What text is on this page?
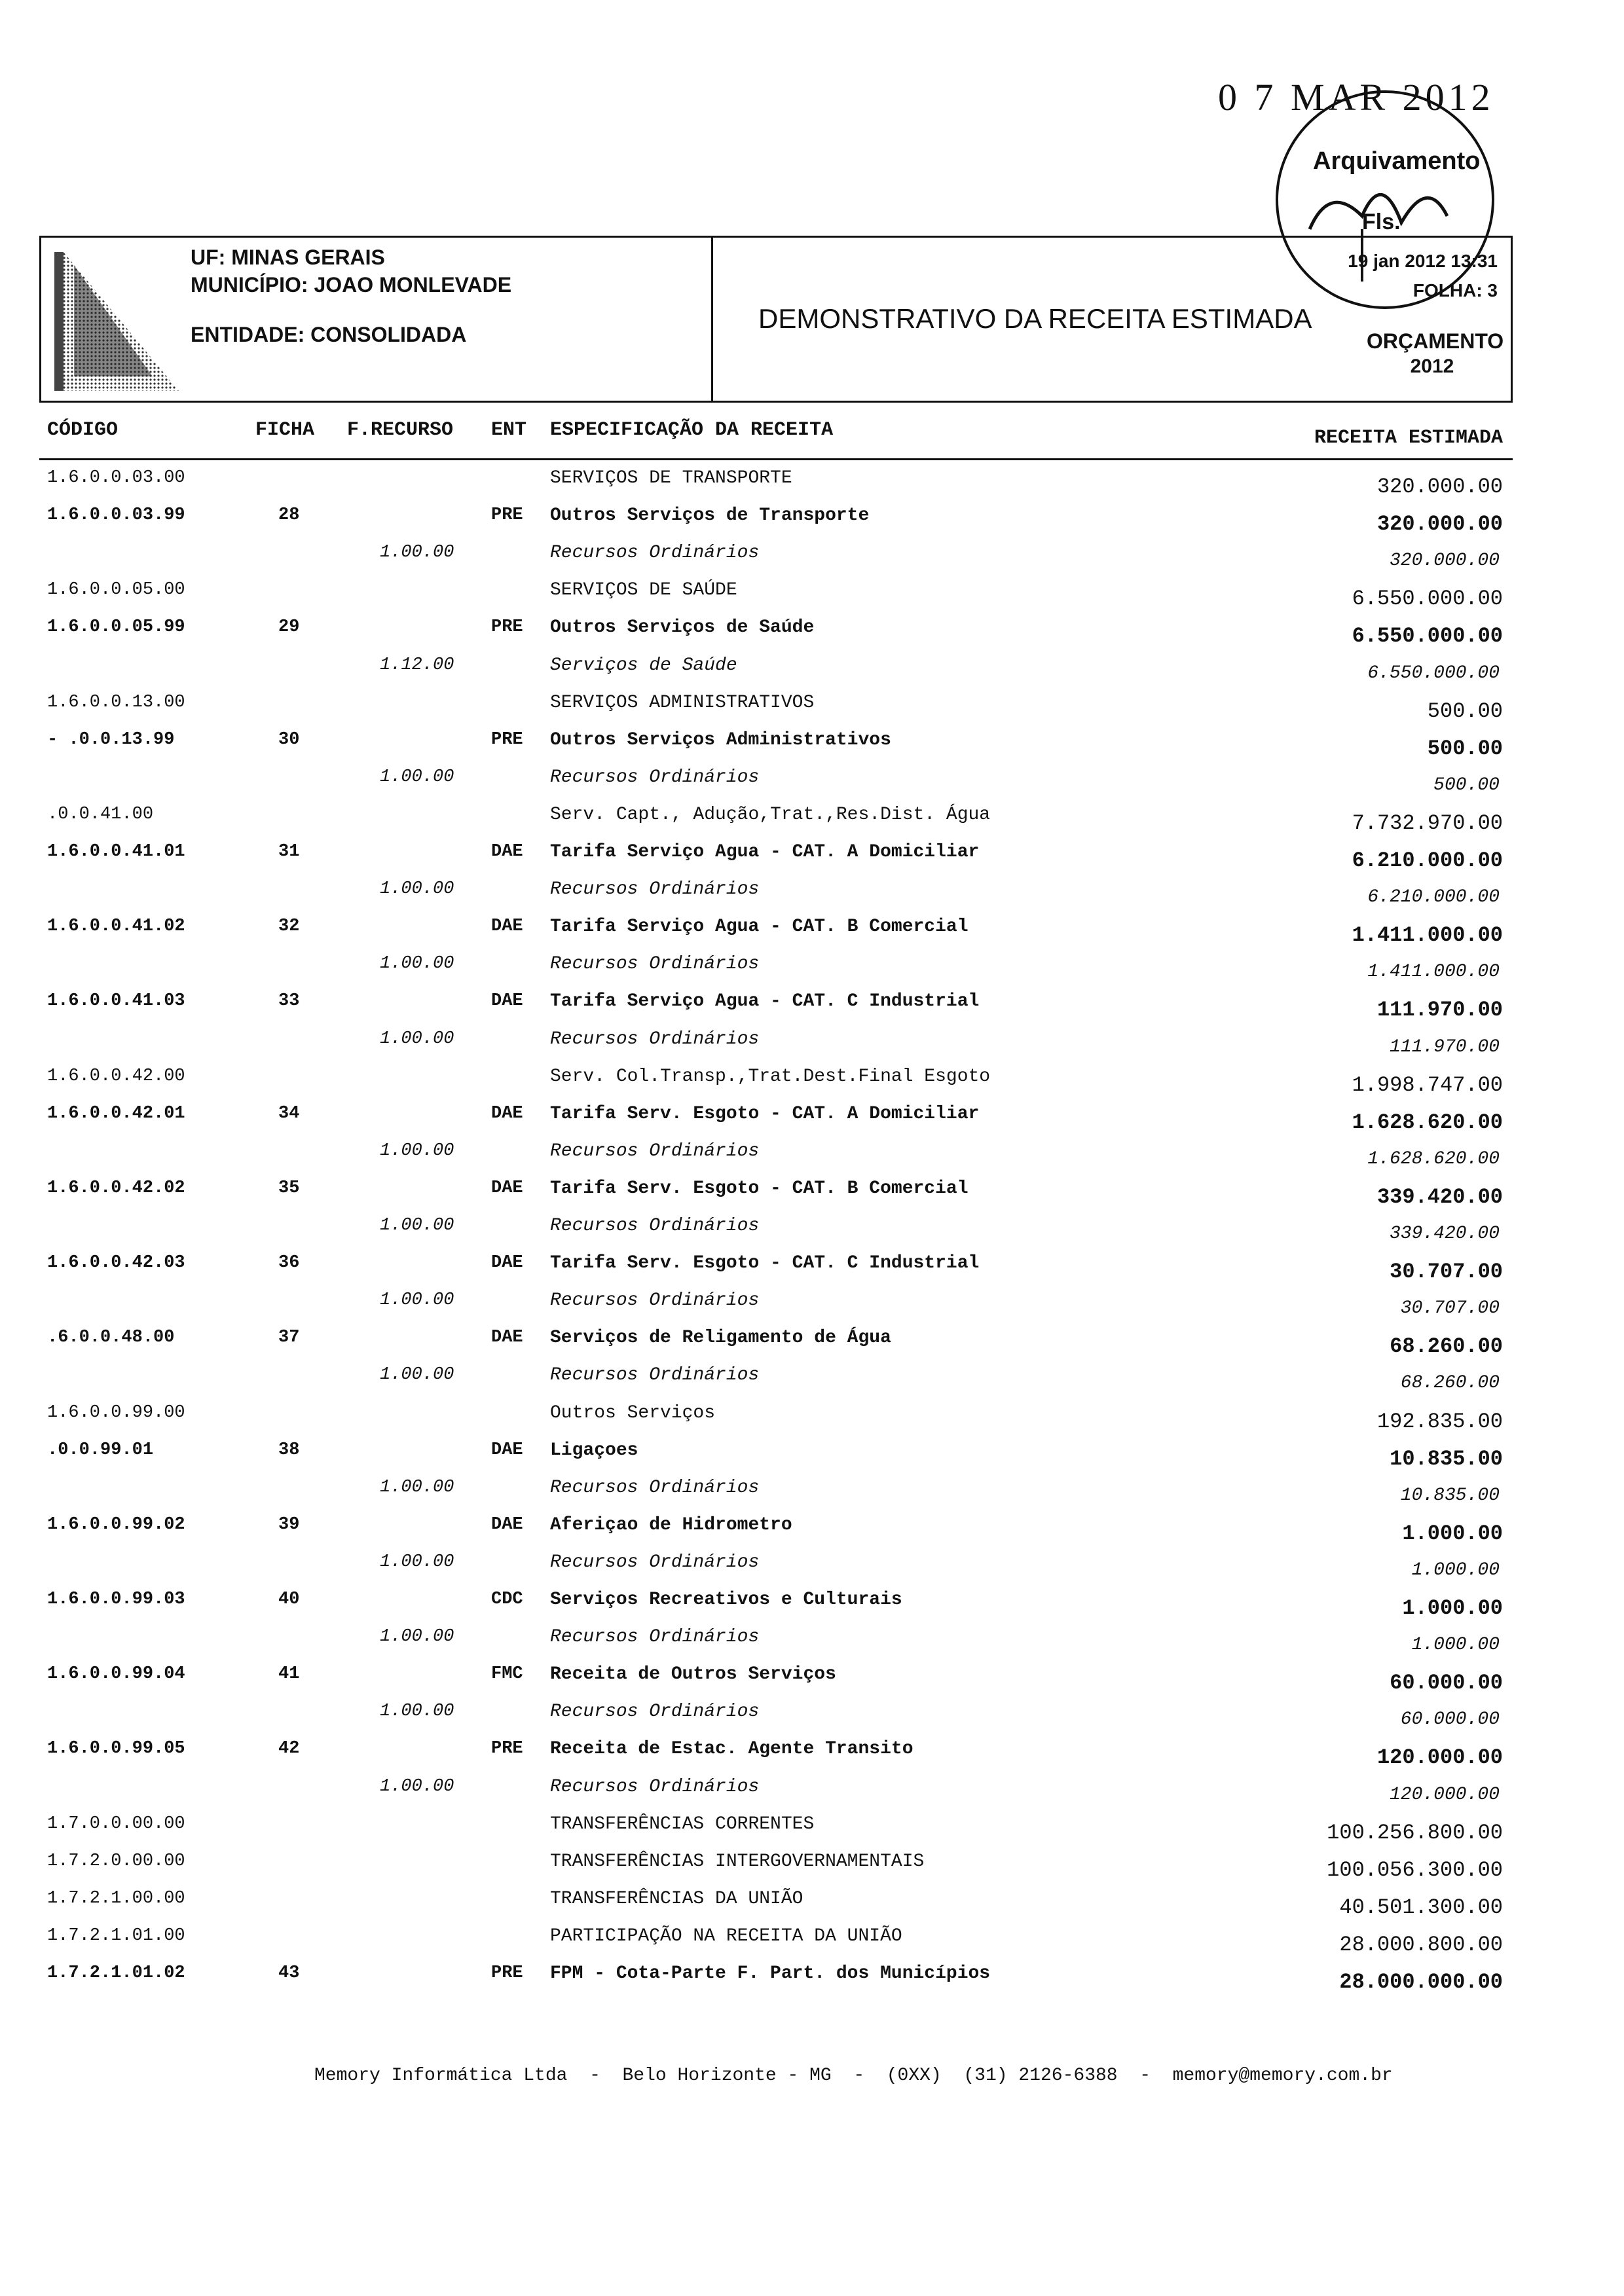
0 7 MAR 2012
Arquivamento
Fls.
UF: MINAS GERAIS
MUNICÍPIO: JOAO MONLEVADE
ENTIDADE: CONSOLIDADA
DEMONSTRATIVO DA RECEITA ESTIMADA
19 jan 2012 13:31
FOLHA: 3
ORÇAMENTO
2012
CÓDIGO	FICHA F.RECURSO ENT ESPECIFICAÇÃO DA RECEITA	RECEITA ESTIMADA
1.6.0.0.03.00	SERVIÇOS DE TRANSPORTE	320.000.00
1.6.0.0.03.99	28	PRE Outros Serviços de Transporte	320.000.00
1.00.00	Recursos Ordinários	320.000.00
1.6.0.0.05.00	SERVIÇOS DE SAÚDE	6.550.000.00
1.6.0.0.05.99	29	PRE Outros Serviços de Saúde	6.550.000.00
1.12.00	Serviços de Saúde	6.550.000.00
1.6.0.0.13.00	SERVIÇOS ADMINISTRATIVOS	500.00
- .0.0.13.99	30	PRE Outros Serviços Administrativos	500.00
1.00.00	Recursos Ordinários	500.00
.0.0.41.00	Serv. Capt., Adução,Trat.,Res.Dist. Água	7.732.970.00
1.6.0.0.41.01	31	DAE Tarifa Serviço Agua - CAT. A Domiciliar	6.210.000.00
1.00.00	Recursos Ordinários	6.210.000.00
1.6.0.0.41.02	32	DAE Tarifa Serviço Agua - CAT. B Comercial	1.411.000.00
1.00.00	Recursos Ordinários	1.411.000.00
1.6.0.0.41.03	33	DAE Tarifa Serviço Agua - CAT. C Industrial	111.970.00
1.00.00	Recursos Ordinários	111.970.00
1.6.0.0.42.00	Serv. Col.Transp.,Trat.Dest.Final Esgoto	1.998.747.00
1.6.0.0.42.01	34	DAE Tarifa Serv. Esgoto - CAT. A Domiciliar	1.628.620.00
1.00.00	Recursos Ordinários	1.628.620.00
1.6.0.0.42.02	35	DAE Tarifa Serv. Esgoto - CAT. B Comercial	339.420.00
1.00.00	Recursos Ordinários	339.420.00
1.6.0.0.42.03	36	DAE Tarifa Serv. Esgoto - CAT. C Industrial	30.707.00
1.00.00	Recursos Ordinários	30.707.00
.6.0.0.48.00	37	DAE Serviços de Religamento de Água	68.260.00
1.00.00	Recursos Ordinários	68.260.00
1.6.0.0.99.00	Outros Serviços	192.835.00
.0.0.99.01	38	DAE Ligaçoes	10.835.00
1.00.00	Recursos Ordinários	10.835.00
1.6.0.0.99.02	39	DAE Aferiçao de Hidrometro	1.000.00
1.00.00	Recursos Ordinários	1.000.00
1.6.0.0.99.03	40	CDC Serviços Recreativos e Culturais	1.000.00
1.00.00	Recursos Ordinários	1.000.00
1.6.0.0.99.04	41	FMC Receita de Outros Serviços	60.000.00
1.00.00	Recursos Ordinários	60.000.00
1.6.0.0.99.05	42	PRE Receita de Estac. Agente Transito	120.000.00
1.00.00	Recursos Ordinários	120.000.00
1.7.0.0.00.00	TRANSFERÊNCIAS CORRENTES	100.256.800.00
1.7.2.0.00.00	TRANSFERÊNCIAS INTERGOVERNAMENTAIS	100.056.300.00
1.7.2.1.00.00	TRANSFERÊNCIAS DA UNIÃO	40.501.300.00
1.7.2.1.01.00	PARTICIPAÇÃO NA RECEITA DA UNIÃO	28.000.800.00
1.7.2.1.01.02	43	PRE FPM - Cota-Parte F. Part. dos Municípios	28.000.000.00
Memory Informática Ltda  -  Belo Horizonte - MG  -  (0XX)  (31) 2126-6388  -  memory@memory.com.br
